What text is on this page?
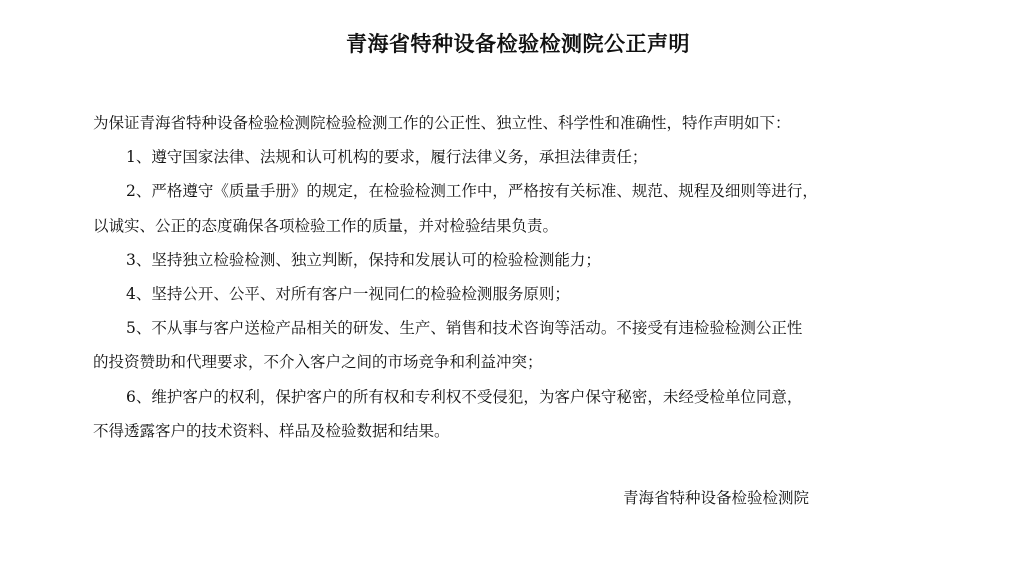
青海省特种设备检验检测院公正声明

为保证青海省特种设备检验检测院检验检测工作的公正性、独立性、科学性和准确性，特作声明如下：

1、遵守国家法律、法规和认可机构的要求，履行法律义务，承担法律责任；

2、严格遵守《质量手册》的规定，在检验检测工作中，严格按有关标准、规范、规程及细则等进行，

以诚实、公正的态度确保各项检验工作的质量，并对检验结果负责。

3、坚持独立检验检测、独立判断，保持和发展认可的检验检测能力；

4、坚持公开、公平、对所有客户一视同仁的检验检测服务原则；

5、不从事与客户送检产品相关的研发、生产、销售和技术咨询等活动。不接受有违检验检测公正性

的投资赞助和代理要求，不介入客户之间的市场竞争和利益冲突；

6、维护客户的权利，保护客户的所有权和专利权不受侵犯，为客户保守秘密，未经受检单位同意，

不得透露客户的技术资料、样品及检验数据和结果。

青海省特种设备检验检测院
